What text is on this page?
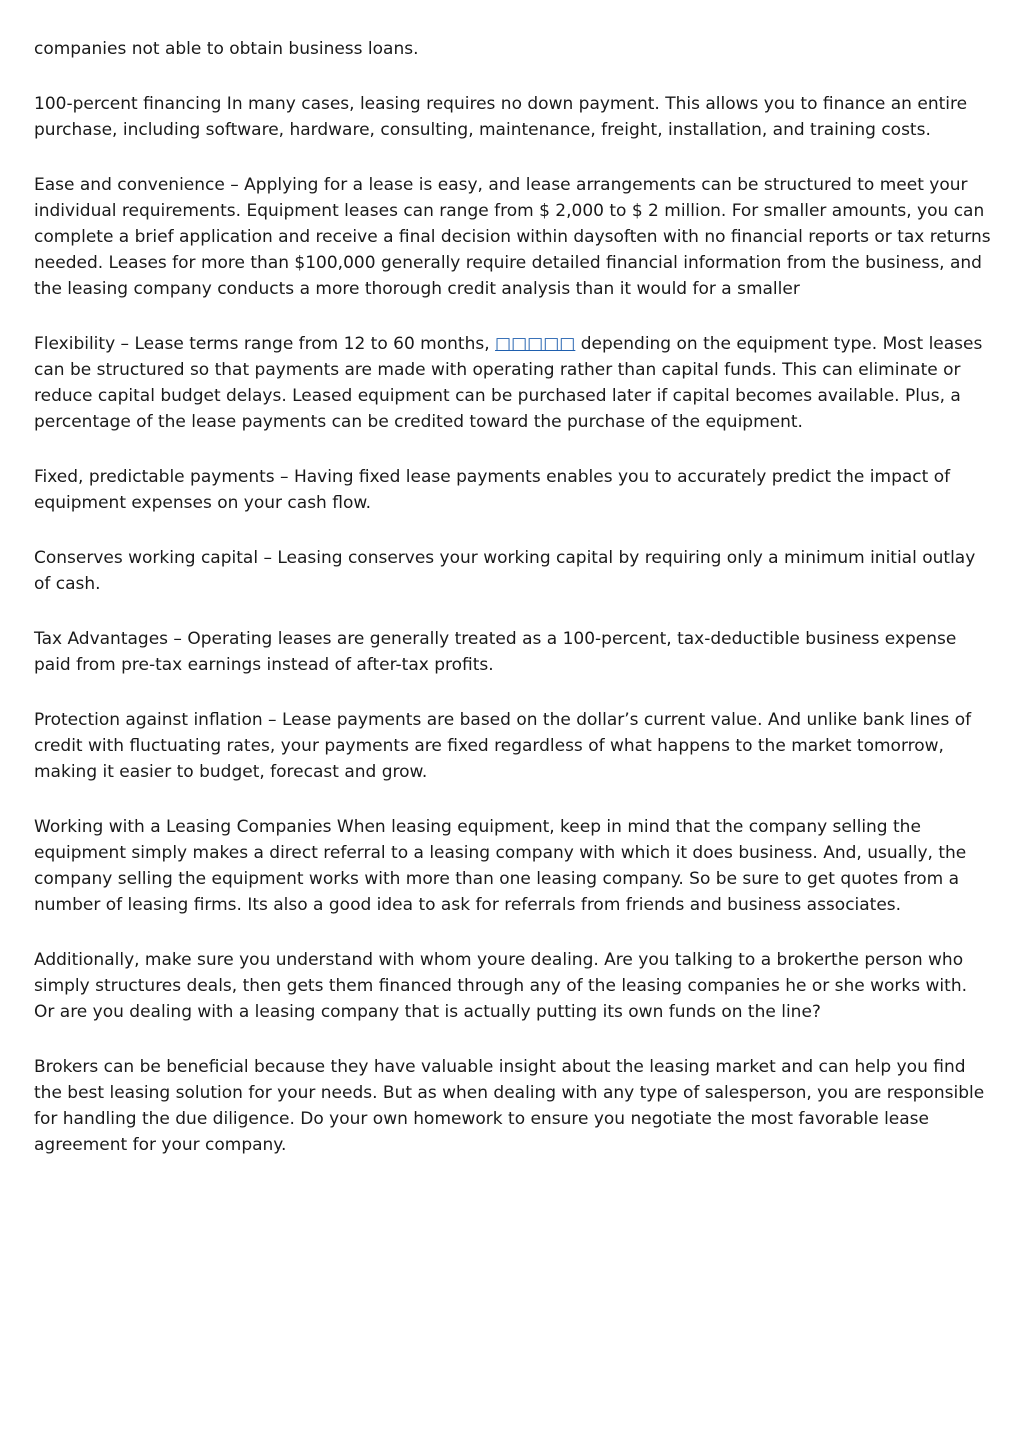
companies not able to obtain business loans.

100-percent financing In many cases, leasing requires no down payment. This allows you to finance an entire purchase, including software, hardware, consulting, maintenance, freight, installation, and training costs.

Ease and convenience – Applying for a lease is easy, and lease arrangements can be structured to meet your individual requirements. Equipment leases can range from $ 2,000 to $ 2 million. For smaller amounts, you can complete a brief application and receive a final decision within daysoften with no financial reports or tax returns needed. Leases for more than $100,000 generally require detailed financial information from the business, and the leasing company conducts a more thorough credit analysis than it would for a smaller

Flexibility – Lease terms range from 12 to 60 months, □□□□□ depending on the equipment type. Most leases can be structured so that payments are made with operating rather than capital funds. This can eliminate or reduce capital budget delays. Leased equipment can be purchased later if capital becomes available. Plus, a percentage of the lease payments can be credited toward the purchase of the equipment.

Fixed, predictable payments – Having fixed lease payments enables you to accurately predict the impact of equipment expenses on your cash flow.

Conserves working capital – Leasing conserves your working capital by requiring only a minimum initial outlay of cash.

Tax Advantages – Operating leases are generally treated as a 100-percent, tax-deductible business expense paid from pre-tax earnings instead of after-tax profits.

Protection against inflation – Lease payments are based on the dollar’s current value. And unlike bank lines of credit with fluctuating rates, your payments are fixed regardless of what happens to the market tomorrow, making it easier to budget, forecast and grow.

Working with a Leasing Companies When leasing equipment, keep in mind that the company selling the equipment simply makes a direct referral to a leasing company with which it does business. And, usually, the company selling the equipment works with more than one leasing company. So be sure to get quotes from a number of leasing firms. Its also a good idea to ask for referrals from friends and business associates.

Additionally, make sure you understand with whom youre dealing. Are you talking to a brokerthe person who simply structures deals, then gets them financed through any of the leasing companies he or she works with. Or are you dealing with a leasing company that is actually putting its own funds on the line?

Brokers can be beneficial because they have valuable insight about the leasing market and can help you find the best leasing solution for your needs. But as when dealing with any type of salesperson, you are responsible for handling the due diligence. Do your own homework to ensure you negotiate the most favorable lease agreement for your company.
